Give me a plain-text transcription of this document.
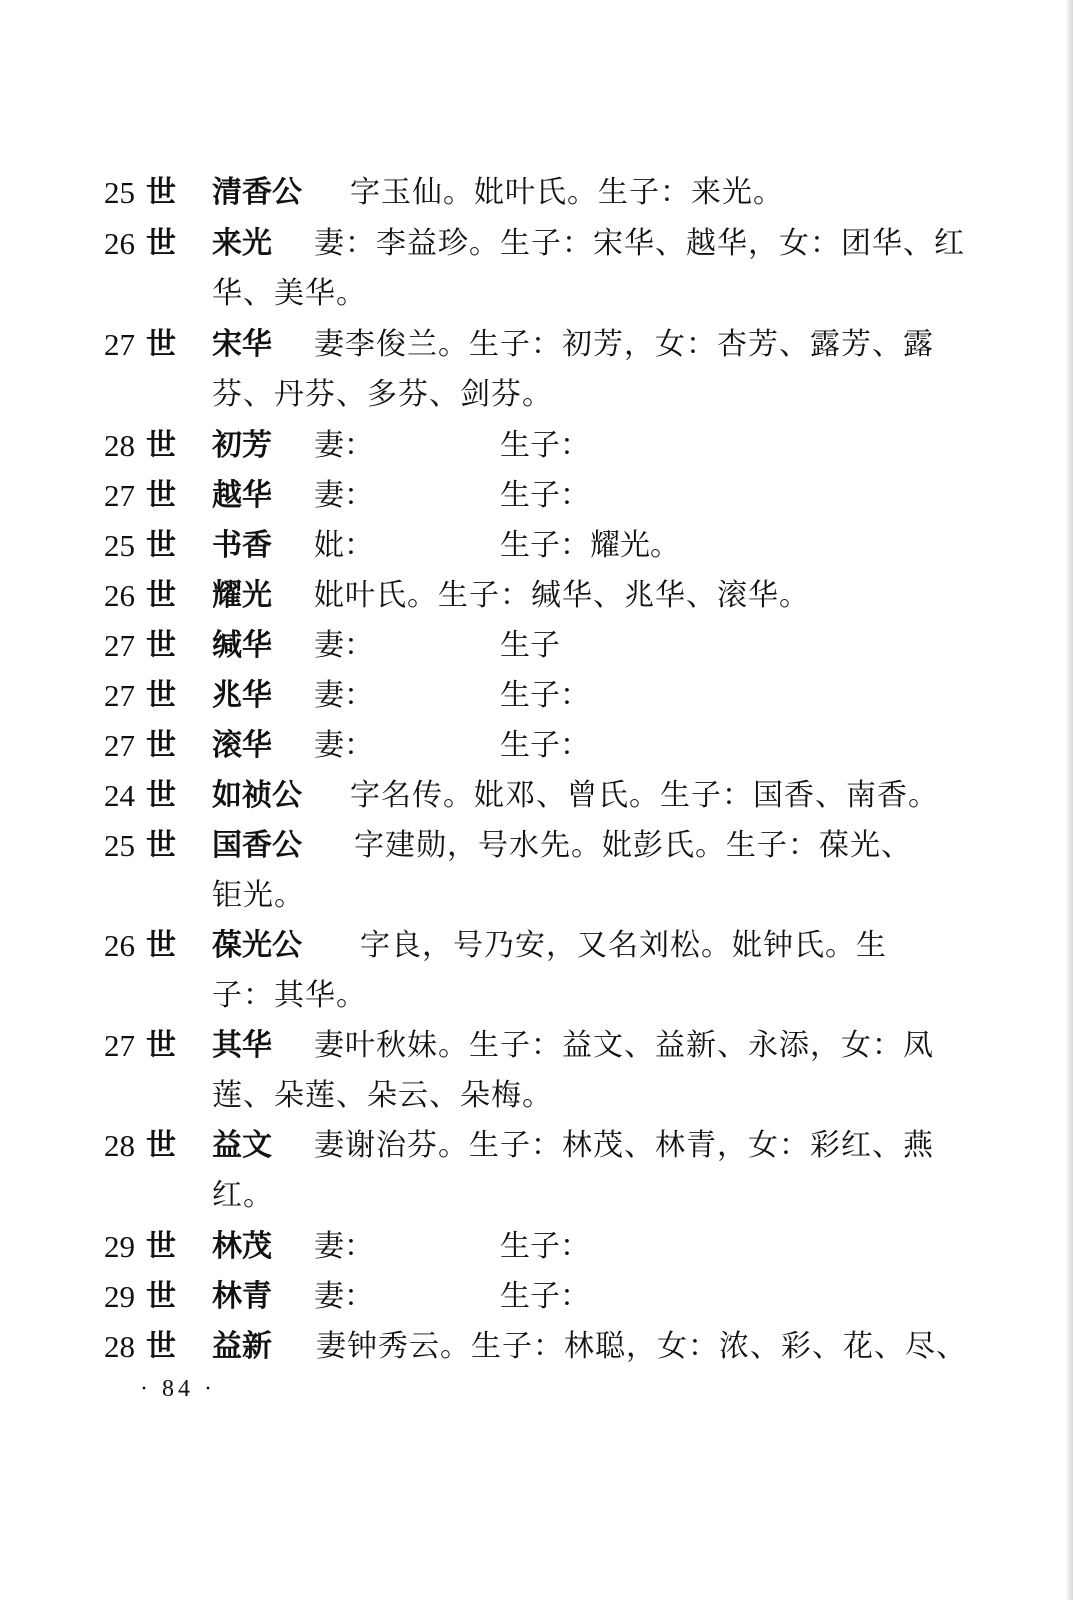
25 世 清香公 字玉仙。妣叶氏。生子：来光。
26 世 来光 妻：李益珍。生子：宋华、越华，女：团华、红
华、美华。
27 世 宋华 妻李俊兰。生子：初芳，女：杏芳、露芳、露
芬、丹芬、多芬、剑芬。
28 世 初芳 妻：	生子：
27 世 越华 妻：	生子：
25 世 书香 妣：	生子：耀光。
26 世 耀光 妣叶氏。生子：缄华、兆华、滚华。
27 世 缄华 妻：	生子
27 世 兆华 妻：	生子：
27 世 滚华 妻：	生子：
24 世 如祯公 字名传。妣邓、曾氏。生子：国香、南香。
25 世 国香公 字建勋，号水先。妣彭氏。生子：葆光、
钜光。
26 世 葆光公 字良，号乃安，又名刘松。妣钟氏。生
子：其华。
27 世 其华 妻叶秋妹。生子：益文、益新、永添，女：凤
莲、朵莲、朵云、朵梅。
28 世 益文 妻谢治芬。生子：林茂、林青，女：彩红、燕
红。
29 世 林茂 妻：	生子：
29 世 林青 妻：	生子：
28 世 益新 妻钟秀云。生子：林聪，女：浓、彩、花、尽、
· 84 ·
